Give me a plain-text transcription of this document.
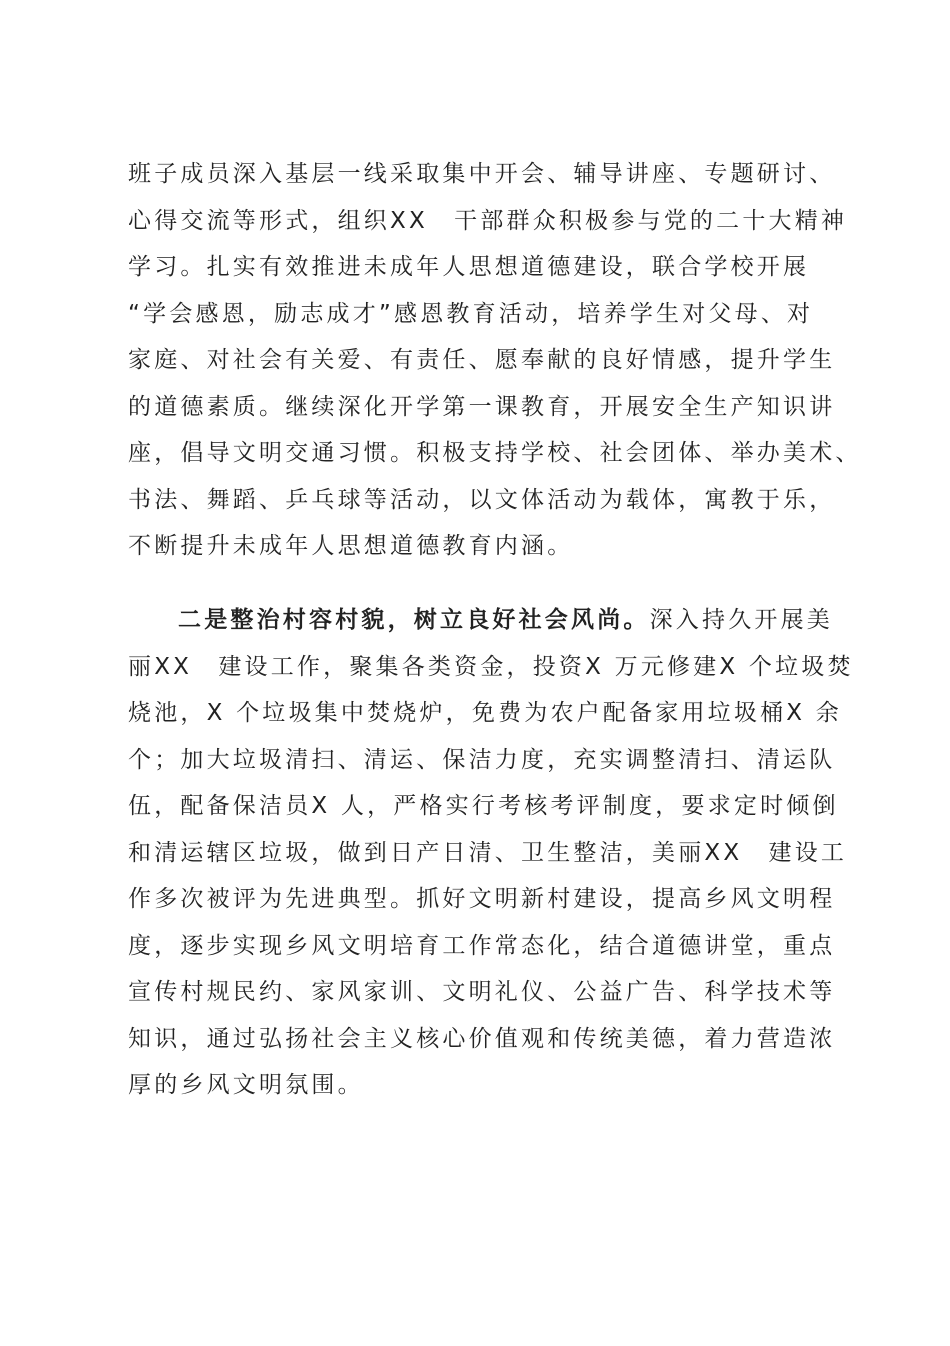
班子成员深入基层一线采取集中开会、辅导讲座、专题研讨、
心得交流等形式，组织XX　干部群众积极参与党的二十大精神
学习。扎实有效推进未成年人思想道德建设，联合学校开展
“学会感恩，励志成才”感恩教育活动，培养学生对父母、对
家庭、对社会有关爱、有责任、愿奉献的良好情感，提升学生
的道德素质。继续深化开学第一课教育，开展安全生产知识讲
座，倡导文明交通习惯。积极支持学校、社会团体、举办美术、
书法、舞蹈、乒乓球等活动，以文体活动为载体，寓教于乐，
不断提升未成年人思想道德教育内涵。
二是整治村容村貌，树立良好社会风尚。深入持久开展美
丽XX　建设工作，聚集各类资金，投资X 万元修建X 个垃圾焚
烧池，X 个垃圾集中焚烧炉，免费为农户配备家用垃圾桶X 余
个；加大垃圾清扫、清运、保洁力度，充实调整清扫、清运队
伍，配备保洁员X 人，严格实行考核考评制度，要求定时倾倒
和清运辖区垃圾，做到日产日清、卫生整洁，美丽XX　建设工
作多次被评为先进典型。抓好文明新村建设，提高乡风文明程
度，逐步实现乡风文明培育工作常态化，结合道德讲堂，重点
宣传村规民约、家风家训、文明礼仪、公益广告、科学技术等
知识，通过弘扬社会主义核心价值观和传统美德，着力营造浓
厚的乡风文明氛围。
